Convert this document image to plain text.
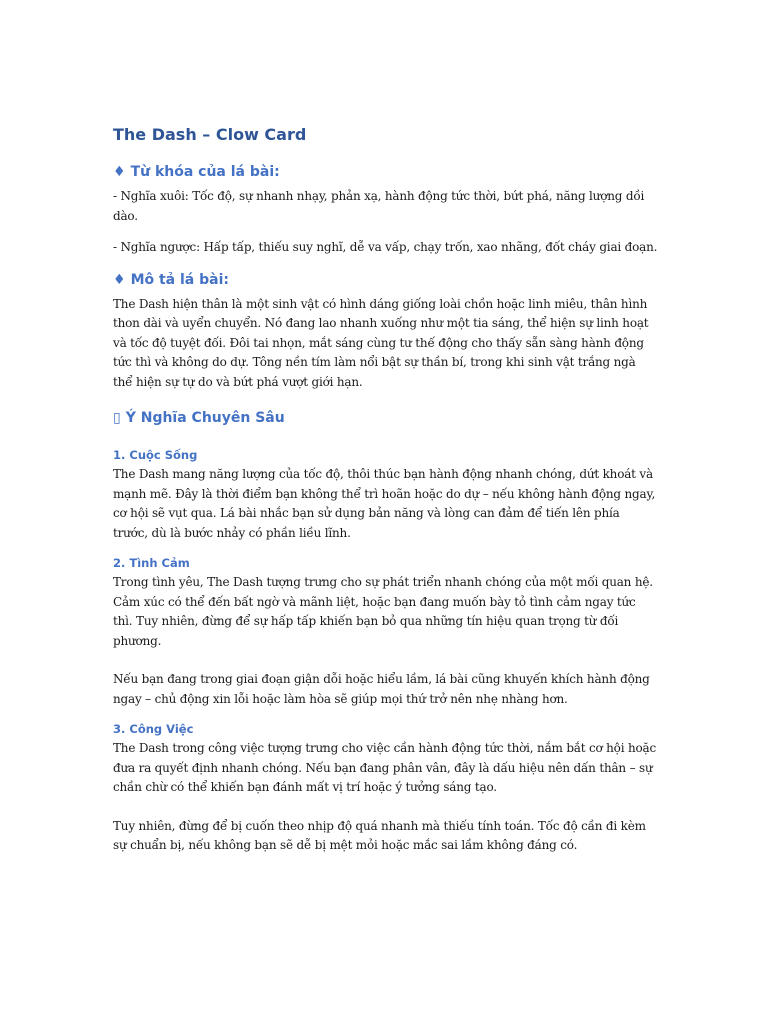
The Dash – Clow Card
♦ Từ khóa của lá bài:

- Nghĩa xuôi: Tốc độ, sự nhanh nhạy, phản xạ, hành động tức thời, bứt phá, năng lượng dồi dào.

- Nghĩa ngược: Hấp tấp, thiếu suy nghĩ, dễ va vấp, chạy trốn, xao nhãng, đốt cháy giai đoạn.

♦ Mô tả lá bài:

The Dash hiện thân là một sinh vật có hình dáng giống loài chồn hoặc linh miêu, thân hình thon dài và uyển chuyển. Nó đang lao nhanh xuống như một tia sáng, thể hiện sự linh hoạt và tốc độ tuyệt đối. Đôi tai nhọn, mắt sáng cùng tư thế động cho thấy sẵn sàng hành động tức thì và không do dự. Tông nền tím làm nổi bật sự thần bí, trong khi sinh vật trắng ngà thể hiện sự tự do và bứt phá vượt giới hạn.

▯ Ý Nghĩa Chuyên Sâu
1. Cuộc Sống

The Dash mang năng lượng của tốc độ, thôi thúc bạn hành động nhanh chóng, dứt khoát và mạnh mẽ. Đây là thời điểm bạn không thể trì hoãn hoặc do dự – nếu không hành động ngay, cơ hội sẽ vụt qua. Lá bài nhắc bạn sử dụng bản năng và lòng can đảm để tiến lên phía trước, dù là bước nhảy có phần liều lĩnh.

2. Tình Cảm

Trong tình yêu, The Dash tượng trưng cho sự phát triển nhanh chóng của một mối quan hệ. Cảm xúc có thể đến bất ngờ và mãnh liệt, hoặc bạn đang muốn bày tỏ tình cảm ngay tức thì. Tuy nhiên, đừng để sự hấp tấp khiến bạn bỏ qua những tín hiệu quan trọng từ đối phương.

Nếu bạn đang trong giai đoạn giận dỗi hoặc hiểu lầm, lá bài cũng khuyến khích hành động ngay – chủ động xin lỗi hoặc làm hòa sẽ giúp mọi thứ trở nên nhẹ nhàng hơn.

3. Công Việc

The Dash trong công việc tượng trưng cho việc cần hành động tức thời, nắm bắt cơ hội hoặc đưa ra quyết định nhanh chóng. Nếu bạn đang phân vân, đây là dấu hiệu nên dấn thân – sự chần chừ có thể khiến bạn đánh mất vị trí hoặc ý tưởng sáng tạo.

Tuy nhiên, đừng để bị cuốn theo nhịp độ quá nhanh mà thiếu tính toán. Tốc độ cần đi kèm sự chuẩn bị, nếu không bạn sẽ dễ bị mệt mỏi hoặc mắc sai lầm không đáng có.
